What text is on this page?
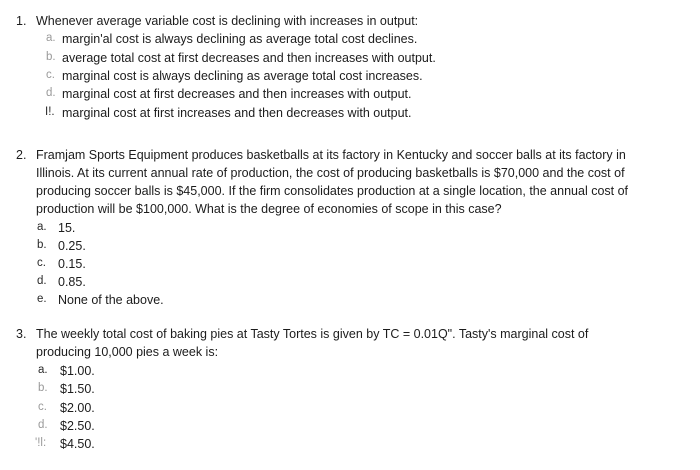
1. Whenever average variable cost is declining with increases in output:
a. margin'al cost is always declining as average total cost declines.
b. average total cost at first decreases and then increases with output.
c. marginal cost is always declining as average total cost increases.
d. marginal cost at first decreases and then increases with output.
I!. marginal cost at first increases and then decreases with output.
2. Framjam Sports Equipment produces basketballs at its factory in Kentucky and soccer balls at its factory in
Illinois. At its current annual rate of production, the cost of producing basketballs is $70,000 and the cost of
producing soccer balls is $45,000. If the firm consolidates production at a single location, the annual cost of
production will be $100,000. What is the degree of economies of scope in this case?
a. 15.
b. 0.25.
c. 0.15.
d. 0.85.
e. None of the above.
3. The weekly total cost of baking pies at Tasty Tortes is given by TC = 0.01Q". Tasty's marginal cost of
producing 10,000 pies a week is:
a. $1.00.
b. $1.50.
c. $2.00.
d. $2.50.
'!l: $4.50.
